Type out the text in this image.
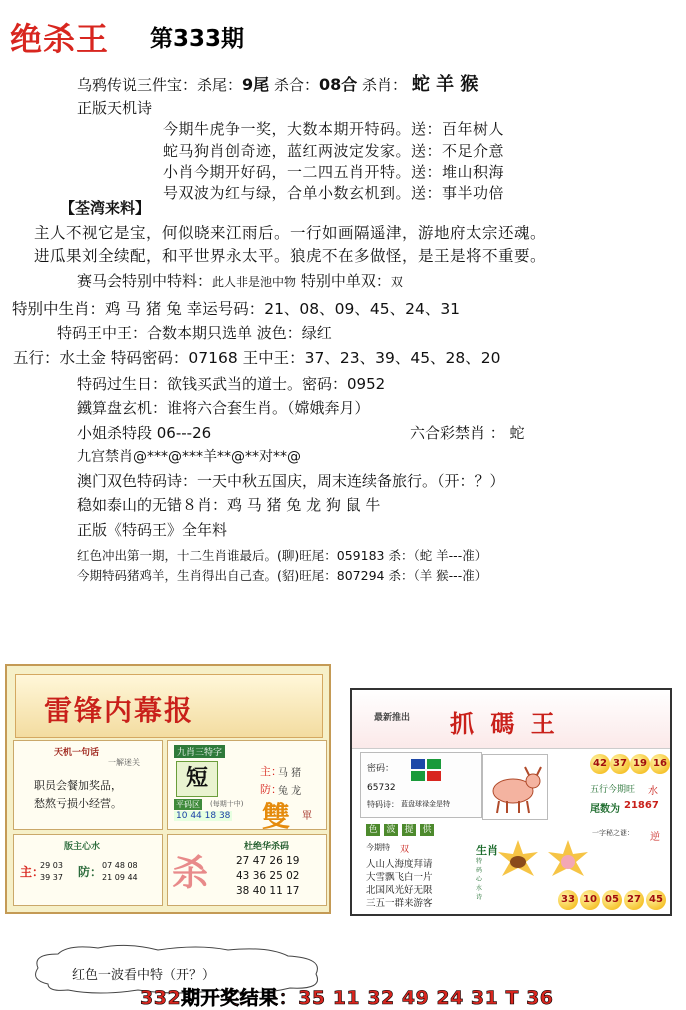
绝杀王 第333期
乌鸦传说三件宝：杀尾：9尾 杀合：08合 杀肖： 蛇 羊 猴
正版天机诗
今期牛虎争一奖，大数本期开特码。送：百年树人
蛇马狗肖创奇迹，蓝红两波定发家。送：不足介意
小肖今期开好码，一二四五肖开特。送：堆山积海
号双波为红与绿，合单小数玄机到。送：事半功倍
【荃湾来料】
主人不视它是宝，何似晓来江雨后。一行如画隔遥津，游地府太宗还魂。
进瓜果刘全续配，和平世界永太平。狼虎不在多做怪，是王是将不重要。
赛马会特别中特料：此人非是池中物 特别中单双：双
特别中生肖：鸡 马 猪 兔 幸运号码：21、08、09、45、24、31
特码王中王：合数本期只选单 波色：绿红
五行：水土金 特码密码：07168 王中王：37、23、39、45、28、20
特码过生日：欲钱买武当的道士。密码：0952
鐵算盘玄机：谁将六合套生肖。（嫦娥奔月）
小姐杀特段 06---26	六合彩禁肖 ： 蛇
九宫禁肖@***@***羊**@**对**@
澳门双色特码诗：一天中秋五国庆，周末连续备旅行。（开：？）
稳如泰山的无错８肖：鸡 马 猪 兔 龙 狗 鼠 牛
正版《特码王》全年料
红色冲出第一期，十二生肖谁最后。(聊)旺尾：059183 杀：（蛇 羊---准）
今期特码猪鸡羊，生肖得出自己查。(貂)旺尾：807294 杀：（羊 猴---准）
雷锋内幕报
天机一句话
一解迷关
职员会餐加奖品，
愁熬亏损小经营。
九肖三特字
短	主：
马 猪
防：
兔 龙
平码区 (每期十中)
10 44 18 38 雙 單
版主心水
主：
29 03
39 37 防： 07 48 08
21 09 44 杀
杜绝华杀码
27 47 26 19
43 36 25 02
38 40 11 17
最新推出 抓 碼 王
密码：
65732
特码诗： 蓝盘球禄金是特
42 37 19 16
五行今期旺 水
尾数为 21867
色 波 提 供
今期特 双
人山人海度拜请
大雪飘飞白一片
北国风光好无限
三五一群来游客
生肖
特码心水诗
一字秘之谜： 逆
33 10 05 27 45
红色一波看中特（开？）
332期开奖结果：35 11 32 49 24 31 T 36
